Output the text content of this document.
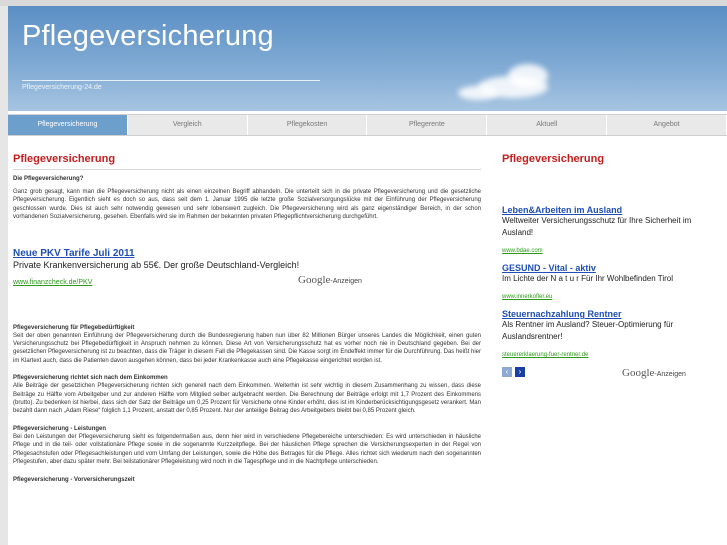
Pflegeversicherung
Pflegeversicherung-24.de
Pflegeversicherung	Vergleich	Pflegekosten	Pflegerente	Aktuell	Angebot
Pflegeversicherung

Die Pflegeversicherung?

Ganz grob gesagt, kann man die Pflegeversicherung nicht als einen einzelnen Begriff abhandeln. Die unterteilt sich in die private Pflegeversicherung und die gesetzliche Pflegeversicherung. Eigentlich sieht es doch so aus, dass seit dem 1. Januar 1995 die letzte große Sozialversorgungslücke mit der Einführung der Pflegeversicherung geschlossen wurde. Dies ist auch sehr notwendig gewesen und sehr lobenswert zugleich. Die Pflegeversicherung wird als ganz eigenständiger Bereich, in der schon vorhandenen Sozialversicherung, gesehen. Ebenfalls wird sie im Rahmen der bekannten privaten Pflegepflichtversicherung durchgeführt.

Neue PKV Tarife Juli 2011
Private Krankenversicherung ab 55€. Der große Deutschland-Vergleich!
www.finanzcheck.de/PKV	Google-Anzeigen

Pflegeversicherung für Pflegebedürftigkeit

Seit der oben genannten Einführung der Pflegeversicherung durch die Bundesregierung haben nun über 82 Millionen Bürger unseres Landes die Möglichkeit, einen guten Versicherungsschutz bei Pflegebedürftigkeit in Anspruch nehmen zu können. Diese Art von Versicherungsschutz hat es vorher noch nie in Deutschland gegeben. Bei der gesetzlichen Pflegeversicherung ist zu beachten, dass die Träger in diesem Fall die Pflegekassen sind. Die Kasse sorgt im Endeffekt immer für die Durchführung. Das heißt hier im Klartext auch, dass die Patienten davon ausgehen können, dass bei jeder Krankenkasse auch eine Pflegekasse eingerichtet worden ist.

Pflegeversicherung richtet sich nach dem Einkommen

Alle Beiträge der gesetzlichen Pflegeversicherung richten sich generell nach dem Einkommen. Weiterhin ist sehr wichtig in diesem Zusammenhang zu wissen, dass diese Beiträge zu Hälfte vom Arbeitgeber und zur anderen Hälfte vom Mitglied selber aufgebracht werden. Die Berechnung der Beiträge erfolgt mit 1,7 Prozent des Einkommens (brutto). Zu bedenken ist hierbei, dass sich der Satz der Beiträge um 0,25 Prozent für Versicherte ohne Kinder erhöht, dies ist im Kinderberücksichtigungsgesetz verankert. Man bezahlt dann nach „Adam Riese“ folglich 1,1 Prozent, anstatt der 0,85 Prozent. Nur der anteilige Beitrag des Arbeitgebers bleibt bei 0,85 Prozent gleich.

Pflegeversicherung - Leistungen

Bei den Leistungen der Pflegeversicherung sieht es folgendermaßen aus, denn hier wird in verschiedene Pflegebereiche unterschieden: Es wird unterschieden in häusliche Pflege und in die teil- oder vollstationäre Pflege sowie in die sogenannte Kurzzeitpflege. Bei der häuslichen Pflege sprechen die Versicherungsexperten in der Regel von Pflegesachstufen oder Pflegesachleistungen und vom Umfang der Leistungen, sowie die Höhe des Betrages für die Pflege. Alles richtet sich wiederum nach den sogenannten Pflegestufen, aber dazu später mehr. Bei teilstationärer Pflegeleistung wird noch in die Tagespflege und in die Nachtpflege unterschieden.

Pflegeversicherung - Vorversicherungszeit

Pflegeversicherung
Leben&Arbeiten im Ausland
Weltweiter Versicherungsschutz für Ihre Sicherheit im Ausland!
www.bdae.com
GESUND - Vital - aktiv
Im Lichte der N a t u r Für Ihr Wohlbefinden Tirol
www.innerkofler.eu
Steuernachzahlung Rentner
Als Rentner im Ausland? Steuer-Optimierung für Auslandsrentner!
steuererklaerung-fuer-rentner.de
‹	›	Google-Anzeigen
